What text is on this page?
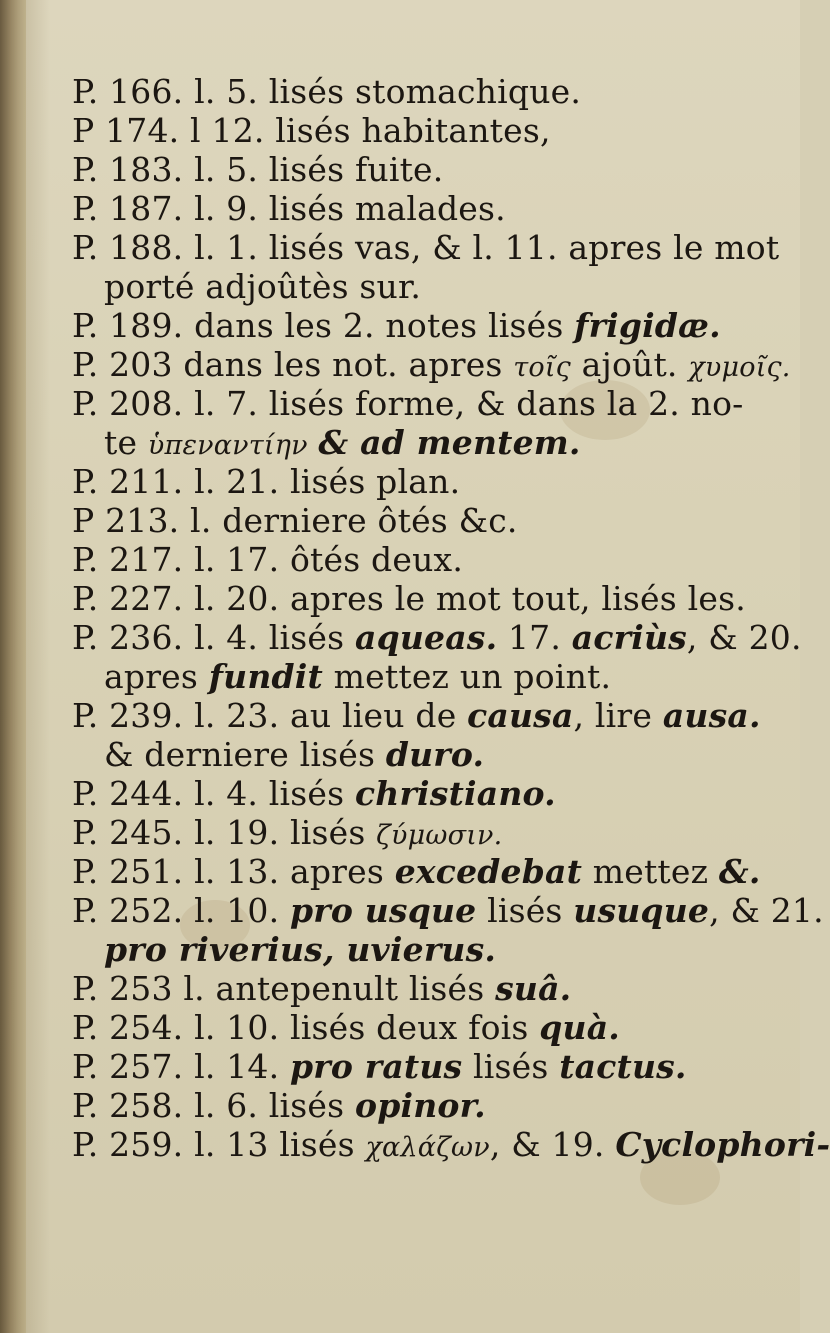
P. 166. l. 5. lisés stomachique.
P 174. l 12. lisés habitantes,
P. 183. l. 5. lisés fuite.
P. 187. l. 9. lisés malades.
P. 188. l. 1. lisés vas, & l. 11. apres le mot
porté adjoûtès sur.
P. 189. dans les 2. notes lisés frigidæ.
P. 203 dans les not. apres τοῖς ajoût. χυμοῖς.
P. 208. l. 7. lisés forme, & dans la 2. no-
te ὑπεναντίην & ad mentem.
P. 211. l. 21. lisés plan.
P 213. l. derniere ôtés &c.
P. 217. l. 17. ôtés deux.
P. 227. l. 20. apres le mot tout, lisés les.
P. 236. l. 4. lisés aqueas. 17. acriùs, & 20.
apres fundit mettez un point.
P. 239. l. 23. au lieu de causa, lire ausa.
& derniere lisés duro.
P. 244. l. 4. lisés christiano.
P. 245. l. 19. lisés ζύμωσιν.
P. 251. l. 13. apres excedebat mettez &.
P. 252. l. 10. pro usque lisés usuque, & 21.
pro riverius, uvierus.
P. 253 l. antepenult lisés suâ.
P. 254. l. 10. lisés deux fois quà.
P. 257. l. 14. pro ratus lisés tactus.
P. 258. l. 6. lisés opinor.
P. 259. l. 13 lisés χαλάζων, & 19. Cyclophori-
